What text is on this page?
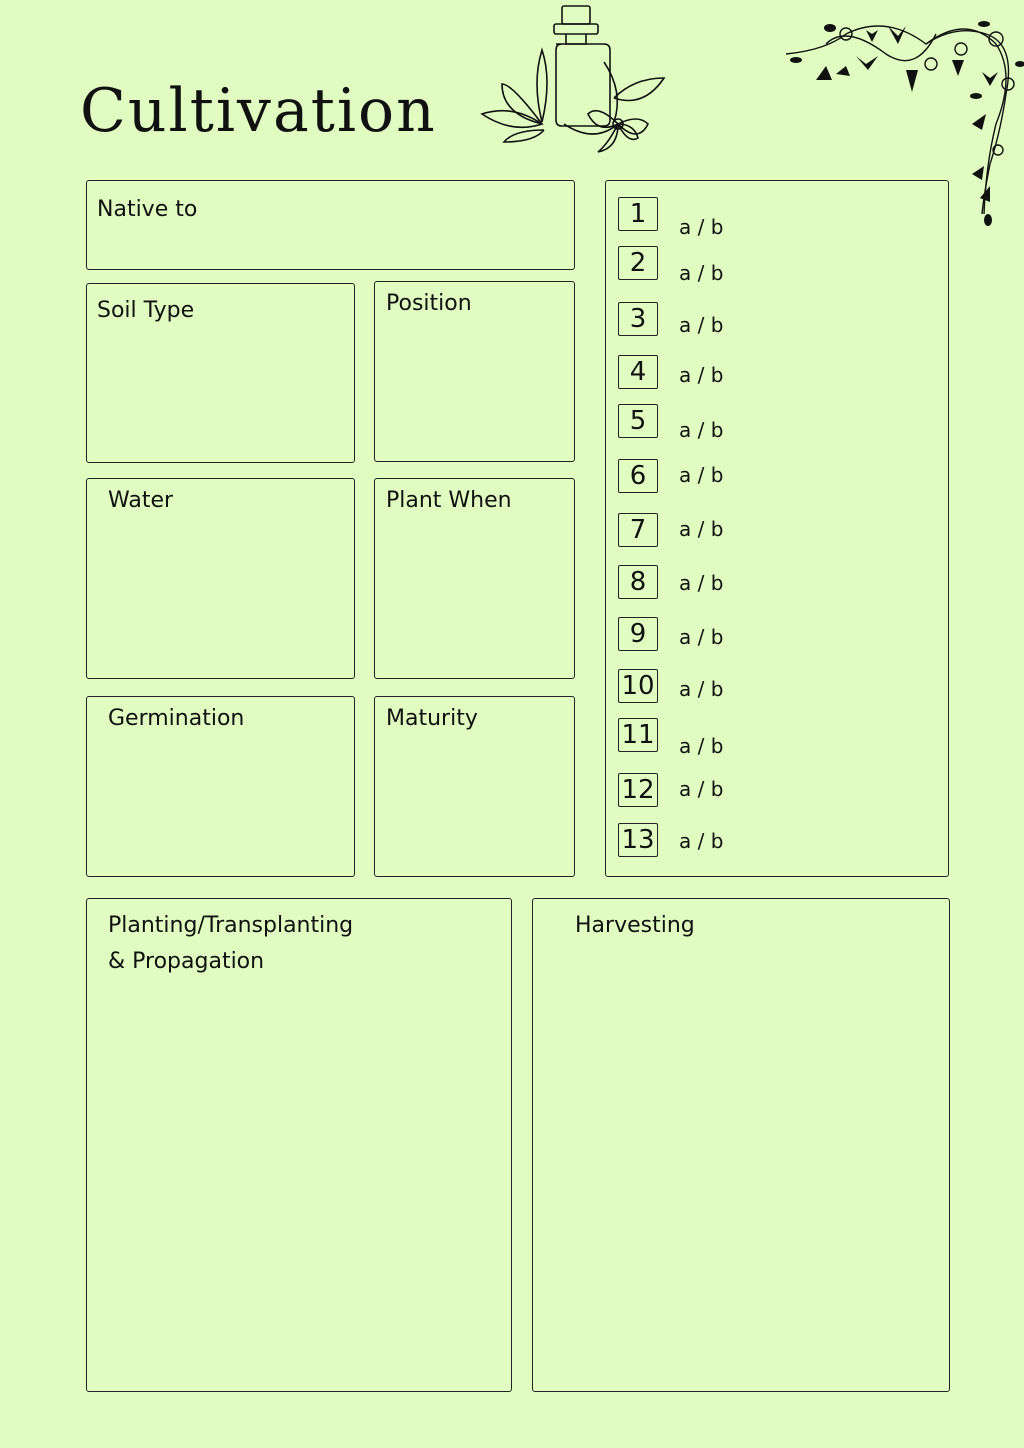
Cultivation
Native to
Soil Type	Position
Water	Plant When
Germination	Maturity
1	a / b
2	a / b
3	a / b
4	a / b
5	a / b
6	a / b
7	a / b
8	a / b
9	a / b
10 a / b
11 a / b
12 a / b
13 a / b
Planting/Transplanting
& Propagation
Harvesting
